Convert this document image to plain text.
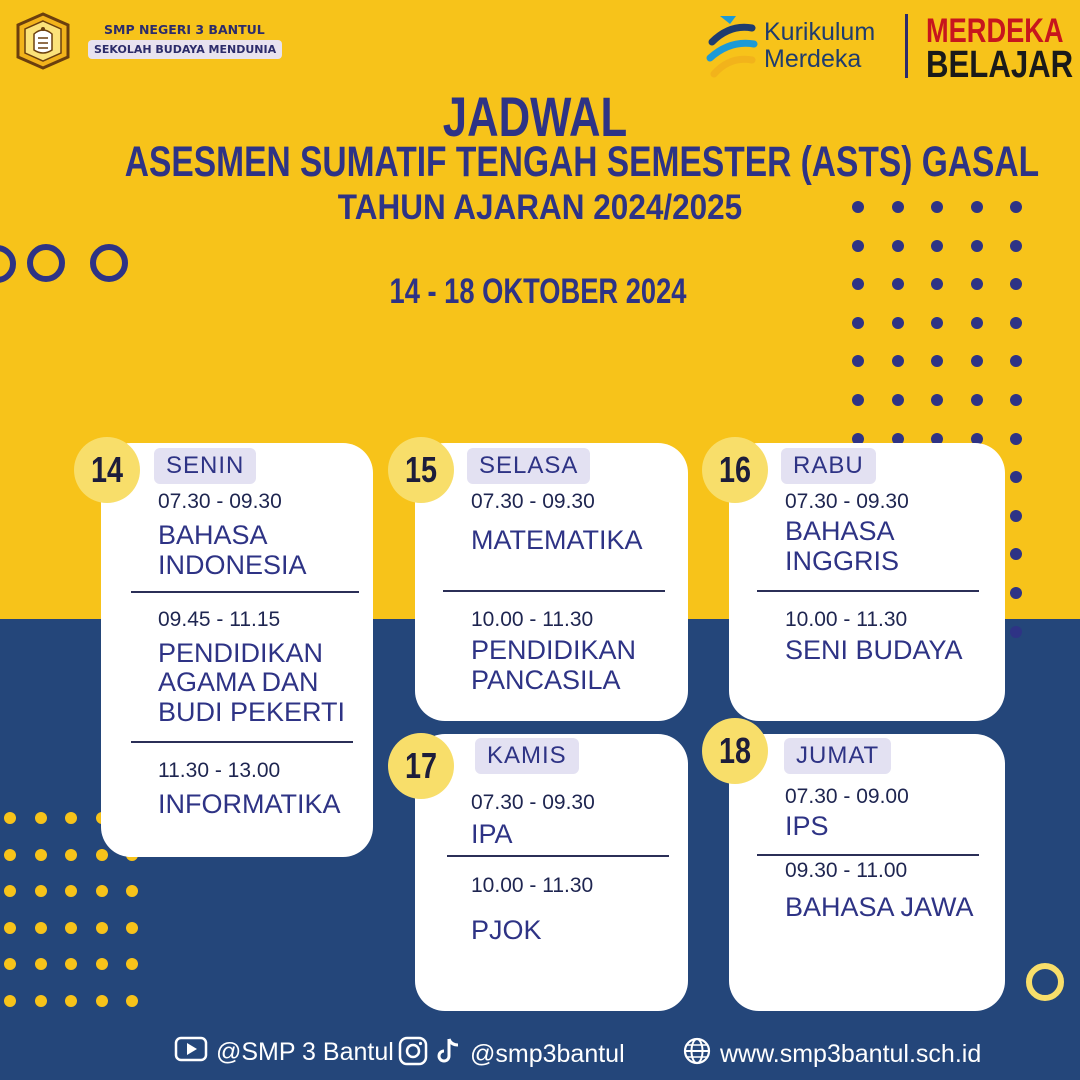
SMP NEGERI 3 BANTUL
SEKOLAH BUDAYA MENDUNIA
Kurikulum
Merdeka
MERDEKA
BELAJAR
JADWAL
ASESMEN SUMATIF TENGAH SEMESTER (ASTS) GASAL
TAHUN AJARAN 2024/2025
14 - 18 OKTOBER 2024
14	SENIN
07.30 - 09.30
BAHASA
INDONESIA
09.45 - 11.15
PENDIDIKAN
AGAMA DAN
BUDI PEKERTI
11.30 - 13.00
INFORMATIKA
15	SELASA
07.30 - 09.30
MATEMATIKA
10.00 - 11.30
PENDIDIKAN
PANCASILA
16	RABU
07.30 - 09.30
BAHASA
INGGRIS
10.00 - 11.30
SENI BUDAYA
17	KAMIS
07.30 - 09.30
IPA
10.00 - 11.30
PJOK
18	JUMAT
07.30 - 09.00
IPS
09.30 - 11.00
BAHASA JAWA
@SMP 3 Bantul	@smp3bantul	www.smp3bantul.sch.id
